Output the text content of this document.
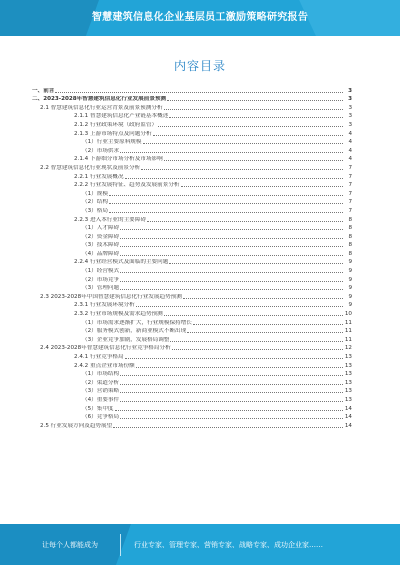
智慧建筑信息化企业基层员工激励策略研究报告
内容目录
一、前言	3
二、2023-2028年智慧建筑信息化行业发展前景预测	3
2.1 智慧建筑信息化行业运营背景及前景预测分析	3
2.1.1 智慧建筑信息化产业链基本概述	3
2.1.2 行业政策环境（政府监管）	3
2.1.3 上游市场特点及问题分析	4
（1）行业主要原料规模	4
（2）市场供求	4
2.1.4 下游细分市场分析及市场影响	4
2.2 智慧建筑信息化行业现状及前景分析	7
2.2.1 行业发展概况	7
2.2.2 行业发展特征、趋势及发展前景分析	7
（1）规模	7
（2）结构	7
（3）格局	7
2.2.3 进入本行业的主要障碍	8
（1）人才障碍	8
（2）资金障碍	8
（3）技术障碍	8
（4）品牌障碍	8
2.2.4 行业经营模式及面临的主要问题	9
（1）经营模式	9
（2）市场竞争	9
（3）管理问题	9
2.3 2023-2028年中国智慧建筑信息化行业发展趋势预测	9
2.3.1 行业发展环境分析	9
2.3.2 行业市场规模及需求趋势预测	10
（1）市场需求逐渐扩大，行业规模保持增长	11
（2）服务模式创新，新商业模式不断出现	11
（3）企业竞争加剧，发展格局调整	11
2.4 2023-2028年智慧建筑信息化行业竞争格局分析	12
2.4.1 行业竞争格局	13
2.4.2 重点企业市场份额	13
（1）市场结构	13
（2）渠道分析	13
（3）营销策略	13
（4）重要事件	13
（5）集中度	14
（6）竞争格局	14
2.5 行业发展方向及趋势展望	14
让每个人都能成为	行业专家、管理专家、营销专家、战略专家、成功企业家……
